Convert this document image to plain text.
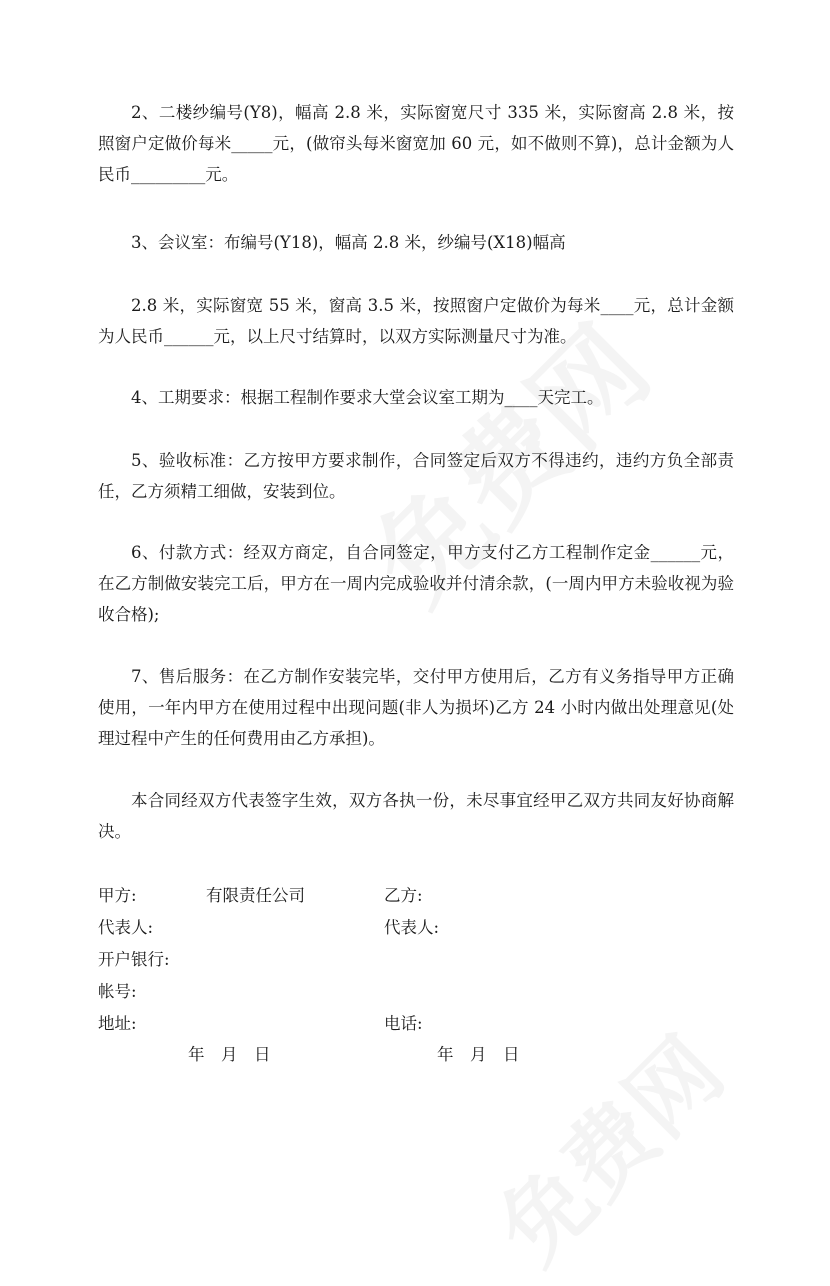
2、二楼纱编号(Y8)，幅高 2.8 米，实际窗宽尺寸 335 米，实际窗高 2.8 米，按照窗户定做价每米_____元，(做帘头每米窗宽加 60 元，如不做则不算)，总计金额为人民币_________元。

3、会议室：布编号(Y18)，幅高 2.8 米，纱编号(X18)幅高

2.8 米，实际窗宽 55 米，窗高 3.5 米，按照窗户定做价为每米____元，总计金额为人民币______元，以上尺寸结算时，以双方实际测量尺寸为准。

4、工期要求：根据工程制作要求大堂会议室工期为____天完工。

5、验收标准：乙方按甲方要求制作，合同签定后双方不得违约，违约方负全部责任，乙方须精工细做，安装到位。

6、付款方式：经双方商定，自合同签定，甲方支付乙方工程制作定金______元，在乙方制做安装完工后，甲方在一周内完成验收并付清余款，(一周内甲方未验收视为验收合格);

7、售后服务：在乙方制作安装完毕，交付甲方使用后，乙方有义务指导甲方正确使用，一年内甲方在使用过程中出现问题(非人为损坏)乙方 24 小时内做出处理意见(处理过程中产生的任何费用由乙方承担)。

本合同经双方代表签字生效，双方各执一份，未尽事宜经甲乙双方共同友好协商解决。

甲方:	有限责任公司	乙方:
代表人:	代表人:
开户银行:
帐号:
地址:	电话:
年　月　日	年　月　日
